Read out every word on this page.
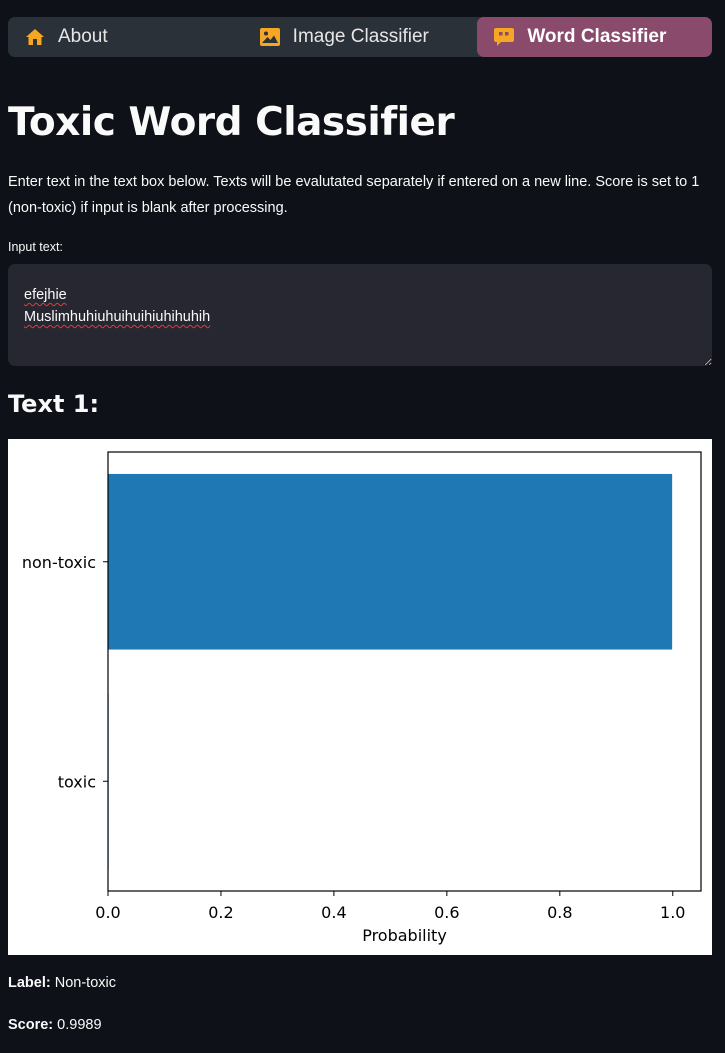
About	Image Classifier	Word Classifier
Toxic Word Classifier

Enter text in the text box below. Texts will be evalutated separately if entered on a new line. Score is set to 1 (non-toxic) if input is blank after processing.

Input text:
efejhie Muslimhuhiuhuihuihiuhihuhih
Text 1:
non-toxic
toxic
0.0	0.2	0.4	0.6	0.8	1.0
Probability
Label: Non-toxic
Score: 0.9989
